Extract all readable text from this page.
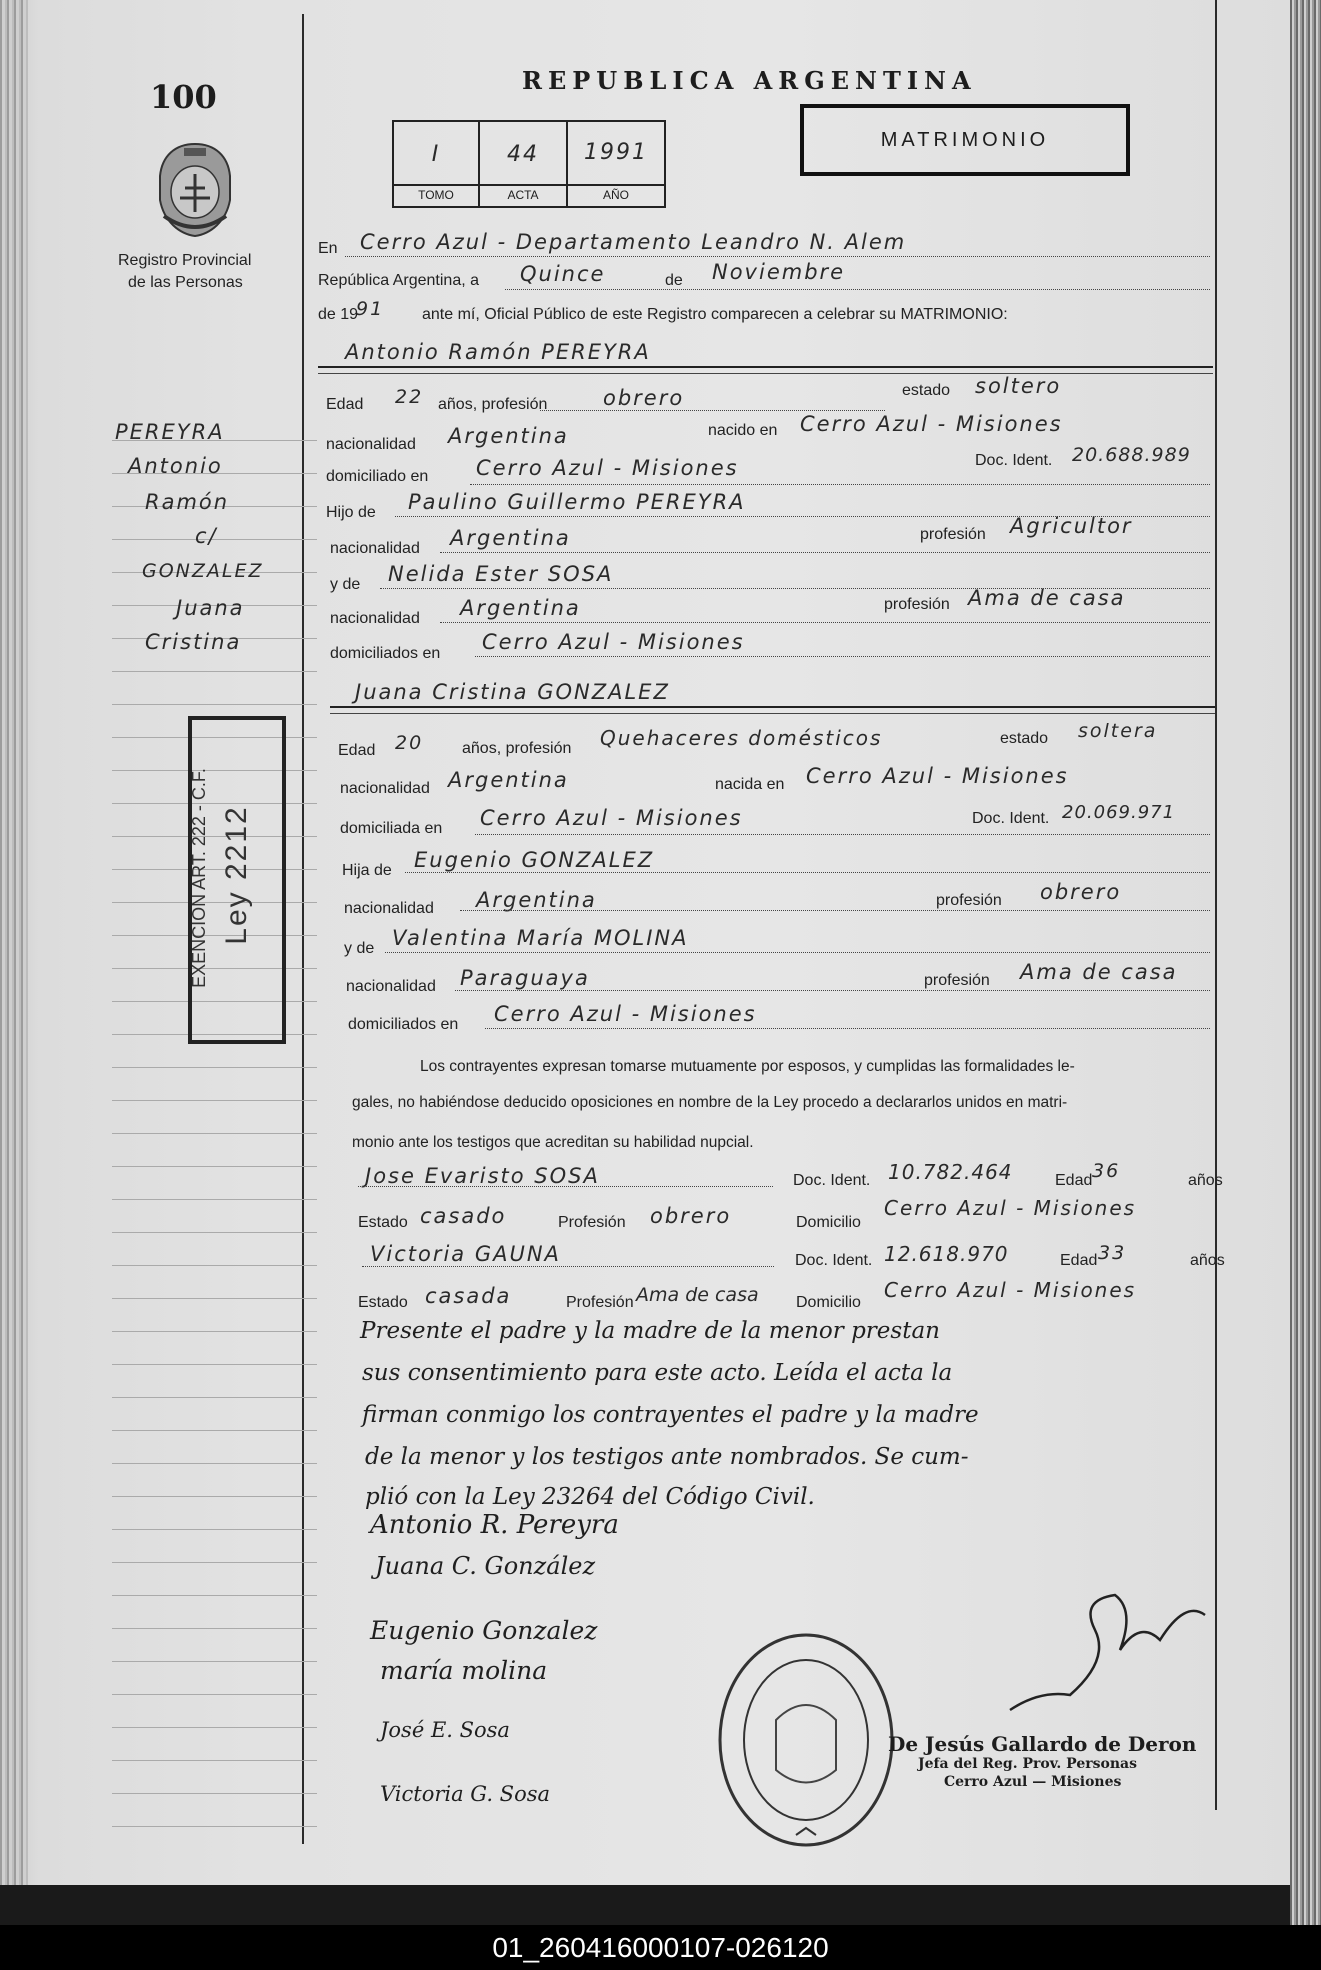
100
Registro Provincial
de las Personas
REPUBLICA ARGENTINA
MATRIMONIO
I	44	1991
TOMO	ACTA	AÑO
En Cerro Azul - Departamento Leandro N. Alem
República Argentina, a Quince	de Noviembre
de 19
91 ante mí, Oficial Público de este Registro comparecen a celebrar su MATRIMONIO:
Antonio Ramón PEREYRA
Edad 22 años, profesión	obrero	estado soltero
nacionalidad Argentina	nacido en Cerro Azul - Misiones
domiciliado en Cerro Azul - Misiones	Doc. Ident. 20.688.989
Hijo de Paulino Guillermo PEREYRA
nacionalidad Argentina	profesión Agricultor
y de Nelida Ester SOSA
nacionalidad Argentina	profesión Ama de casa
domiciliados en Cerro Azul - Misiones
Juana Cristina GONZALEZ
Edad 20 años, profesión Quehaceres domésticos	estado soltera
nacionalidad Argentina	nacida en Cerro Azul - Misiones
domiciliada en Cerro Azul - Misiones	Doc. Ident. 20.069.971
Hija de Eugenio GONZALEZ
nacionalidad Argentina	profesión obrero
y de Valentina María MOLINA
nacionalidad Paraguaya	profesión Ama de casa
domiciliados en Cerro Azul - Misiones
Los contrayentes expresan tomarse mutuamente por esposos, y cumplidas las formalidades le-
gales, no habiéndose deducido oposiciones en nombre de la Ley procedo a declararlos unidos en matri-
monio ante los testigos que acreditan su habilidad nupcial.
Jose Evaristo SOSA	Doc. Ident. 10.782.464	Edad 36	años
Estado casado	Profesión obrero	Domicilio
Cerro Azul - Misiones
Victoria GAUNA	Doc. Ident. 12.618.970	Edad 33	años
Estado casada	Profesión Ama de casa Domicilio
Cerro Azul - Misiones
Presente el padre y la madre de la menor prestan
sus consentimiento para este acto. Leída el acta la
firman conmigo los contrayentes el padre y la madre
de la menor y los testigos ante nombrados. Se cum-
plió con la Ley 23264 del Código Civil.
Antonio R. Pereyra
Juana C. González
Eugenio Gonzalez
maría molina
José E. Sosa
Victoria G. Sosa
De Jesús Gallardo de Deron
Jefa del Reg. Prov. Personas
Cerro Azul — Misiones
PEREYRA
Antonio
Ramón
c/
GONZALEZ
Juana
Cristina
Ley 2212
EXENCION ART. 222 - C.F.
01_260416000107-026120
